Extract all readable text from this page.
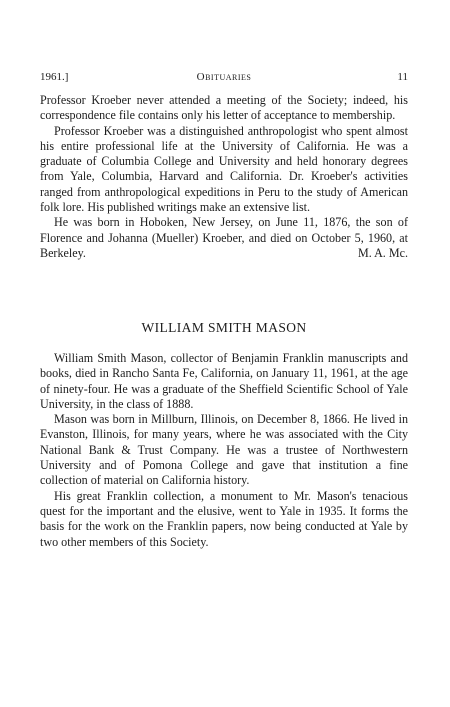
1961.]	Obituaries	11

Professor Kroeber never attended a meeting of the Society; indeed, his correspondence file contains only his letter of acceptance to membership.

Professor Kroeber was a distinguished anthropologist who spent almost his entire professional life at the University of California. He was a graduate of Columbia College and University and held honorary degrees from Yale, Columbia, Harvard and California. Dr. Kroeber's activities ranged from anthropological expeditions in Peru to the study of American folk lore. His published writings make an extensive list.

He was born in Hoboken, New Jersey, on June 11, 1876, the son of Florence and Johanna (Mueller) Kroeber, and died on October 5, 1960, at Berkeley.	M. A. Mc.

WILLIAM SMITH MASON

William Smith Mason, collector of Benjamin Franklin manuscripts and books, died in Rancho Santa Fe, California, on January 11, 1961, at the age of ninety-four. He was a graduate of the Sheffield Scientific School of Yale University, in the class of 1888.

Mason was born in Millburn, Illinois, on December 8, 1866. He lived in Evanston, Illinois, for many years, where he was associated with the City National Bank & Trust Company. He was a trustee of Northwestern University and of Pomona College and gave that institution a fine collection of material on California history.

His great Franklin collection, a monument to Mr. Mason's tenacious quest for the important and the elusive, went to Yale in 1935. It forms the basis for the work on the Franklin papers, now being conducted at Yale by two other members of this Society.
